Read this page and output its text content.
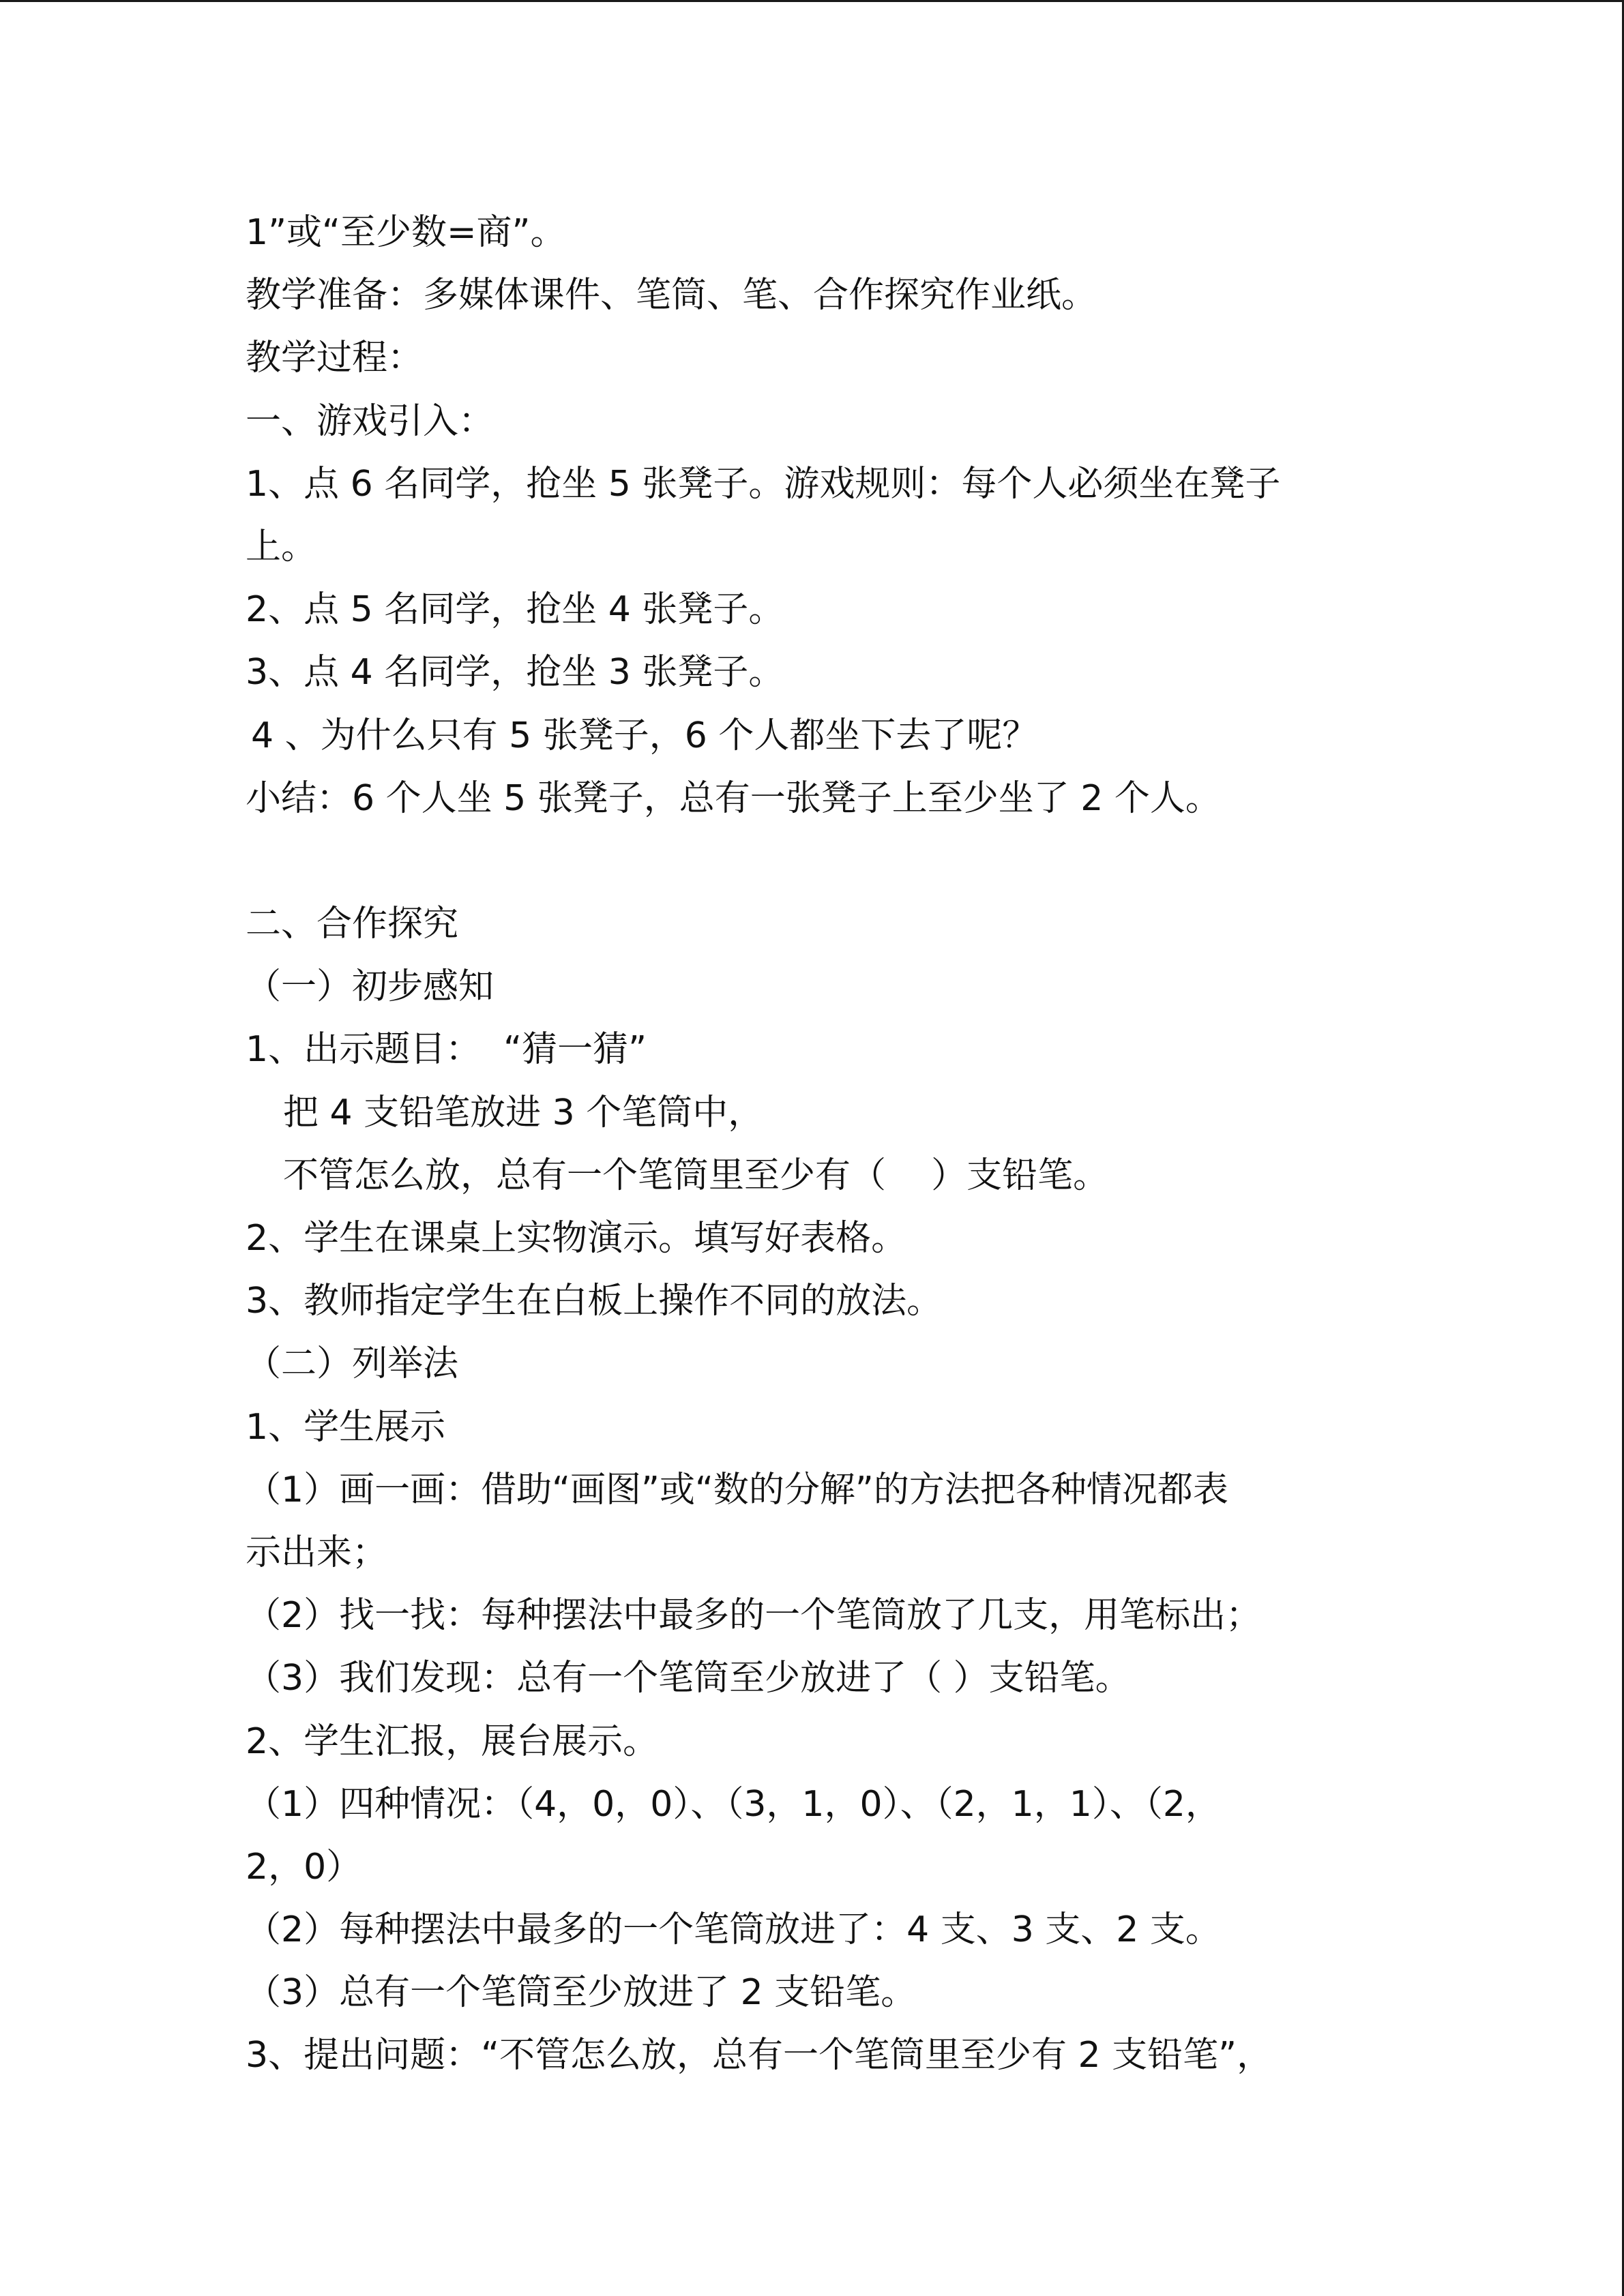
1”或“至少数=商”。
教学准备：多媒体课件、笔筒、笔、合作探究作业纸。
教学过程：
一、游戏引入：
1、点 6 名同学，抢坐 5 张凳子。游戏规则：每个人必须坐在凳子
上。
2、点 5 名同学，抢坐 4 张凳子。
3、点 4 名同学，抢坐 3 张凳子。
4 、为什么只有 5 张凳子，6 个人都坐下去了呢？
小结：6 个人坐 5 张凳子，总有一张凳子上至少坐了 2 个人。
二、合作探究
（一）初步感知
1、出示题目：  “猜一猜”
把 4 支铅笔放进 3 个笔筒中，
不管怎么放，总有一个笔筒里至少有（    ）支铅笔。
2、学生在课桌上实物演示。填写好表格。
3、教师指定学生在白板上操作不同的放法。
（二）列举法
1、学生展示
（1）画一画：借助“画图”或“数的分解”的方法把各种情况都表
示出来；
（2）找一找：每种摆法中最多的一个笔筒放了几支，用笔标出；
（3）我们发现：总有一个笔筒至少放进了（ ）支铅笔。
2、学生汇报，展台展示。
（1）四种情况：（4，0，0）、（3，1，0）、（2，1，1）、（2，
2，0）
（2）每种摆法中最多的一个笔筒放进了：4 支、3 支、2 支。
（3）总有一个笔筒至少放进了 2 支铅笔。
3、提出问题：“不管怎么放，总有一个笔筒里至少有 2 支铅笔”，
